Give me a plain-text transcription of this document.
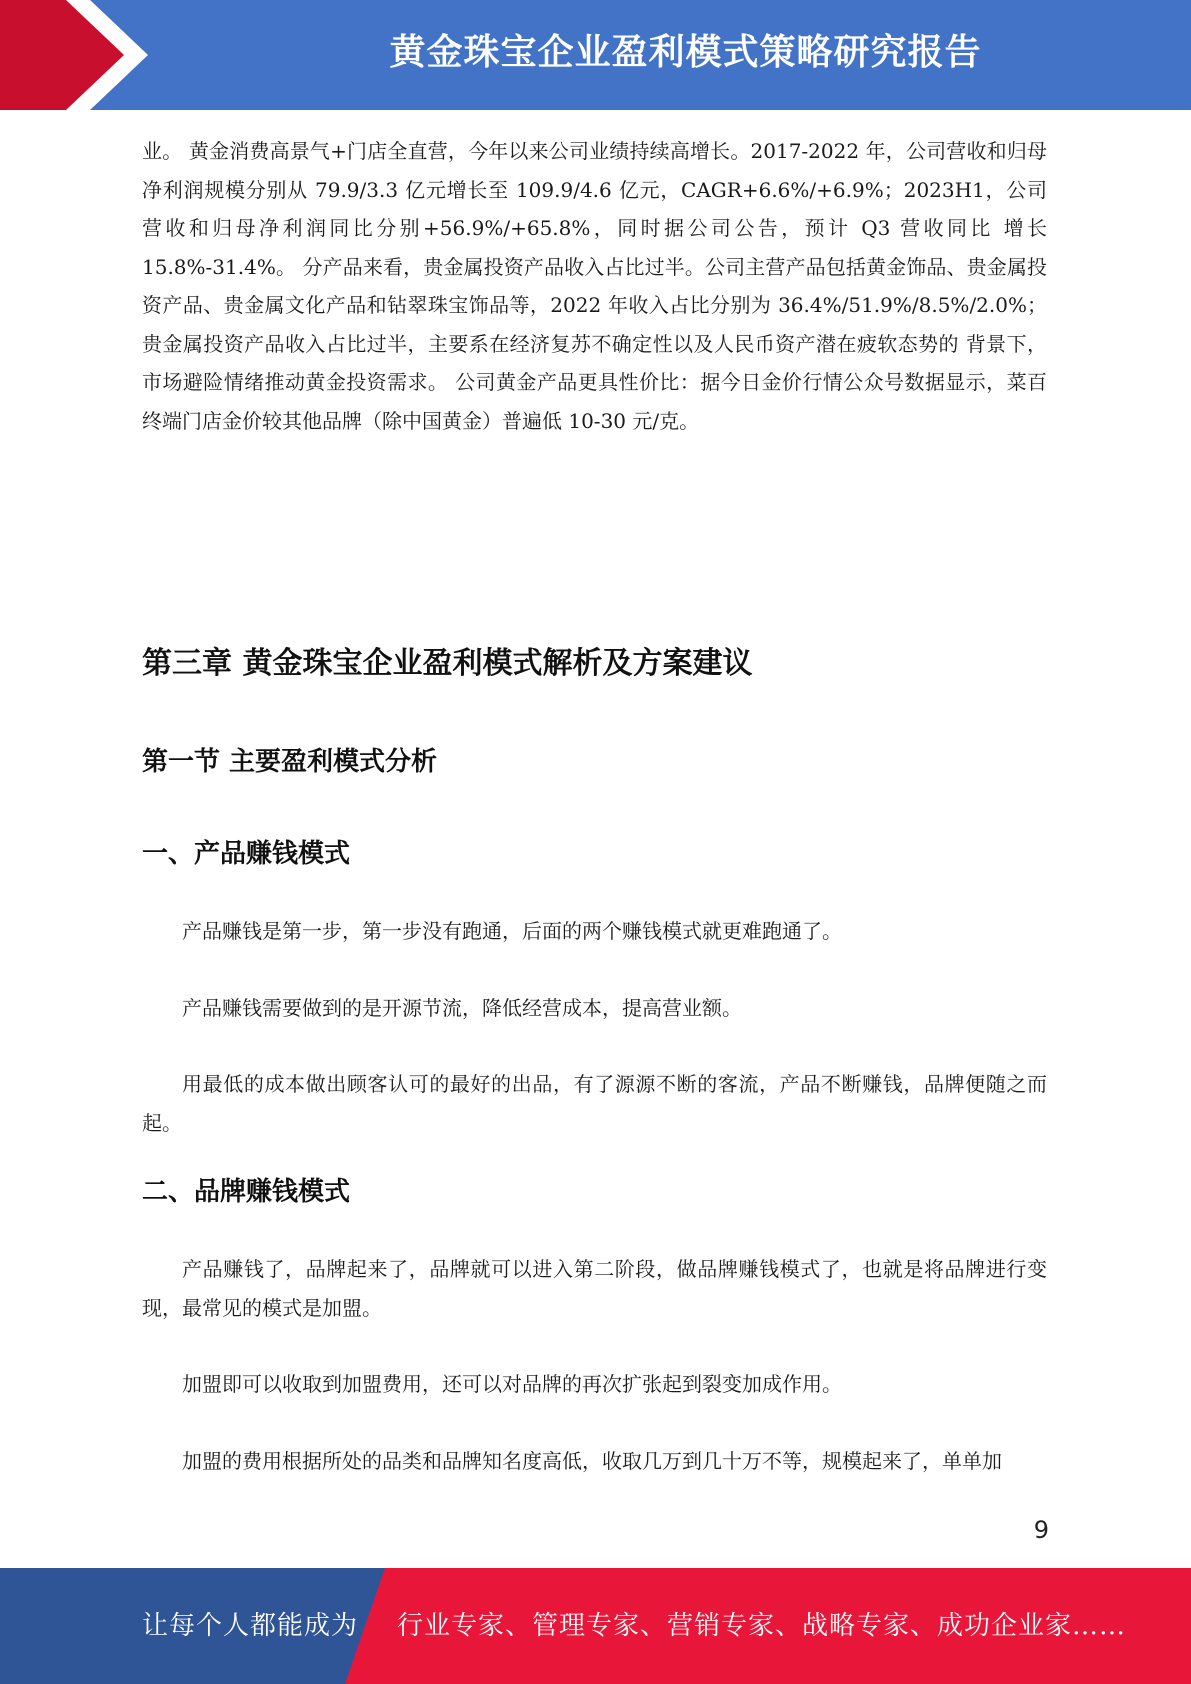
黄金珠宝企业盈利模式策略研究报告

业。 黄金消费高景气+门店全直营，今年以来公司业绩持续高增长。2017-2022 年，公司营收和归母净利润规模分别从 79.9/3.3 亿元增长至 109.9/4.6 亿元，CAGR+6.6%/+6.9%；2023H1，公司营收和归母净利润同比分别+56.9%/+65.8%，同时据公司公告，预计 Q3 营收同比 增长 15.8%-31.4%。 分产品来看，贵金属投资产品收入占比过半。公司主营产品包括黄金饰品、贵金属投资产品、贵金属文化产品和钻翠珠宝饰品等，2022 年收入占比分别为 36.4%/51.9%/8.5%/2.0%；贵金属投资产品收入占比过半，主要系在经济复苏不确定性以及人民币资产潜在疲软态势的 背景下，市场避险情绪推动黄金投资需求。 公司黄金产品更具性价比：据今日金价行情公众号数据显示，菜百终端门店金价较其他品牌（除中国黄金）普遍低 10-30 元/克。

第三章 黄金珠宝企业盈利模式解析及方案建议
第一节 主要盈利模式分析
一、产品赚钱模式

产品赚钱是第一步，第一步没有跑通，后面的两个赚钱模式就更难跑通了。

产品赚钱需要做到的是开源节流，降低经营成本，提高营业额。

用最低的成本做出顾客认可的最好的出品，有了源源不断的客流，产品不断赚钱，品牌便随之而起。

二、品牌赚钱模式

产品赚钱了，品牌起来了，品牌就可以进入第二阶段，做品牌赚钱模式了，也就是将品牌进行变现，最常见的模式是加盟。

加盟即可以收取到加盟费用，还可以对品牌的再次扩张起到裂变加成作用。

加盟的费用根据所处的品类和品牌知名度高低，收取几万到几十万不等，规模起来了，单单加

9
让每个人都能成为 行业专家、管理专家、营销专家、战略专家、成功企业家……
